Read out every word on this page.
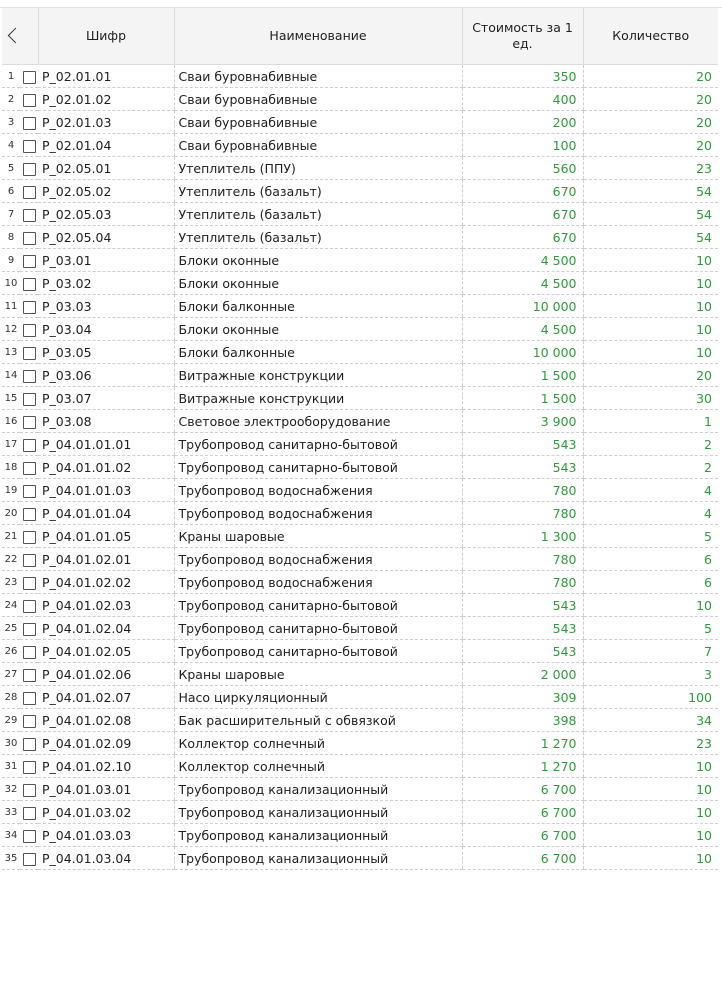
		Шифр	Наименование	Стоимость за 1 ед.	Количество
1		P_02.01.01	Сваи буровнабивные	350	20
2		P_02.01.02	Сваи буровнабивные	400	20
3		P_02.01.03	Сваи буровнабивные	200	20
4		P_02.01.04	Сваи буровнабивные	100	20
5		P_02.05.01	Утеплитель (ППУ)	560	23
6		P_02.05.02	Утеплитель (базальт)	670	54
7		P_02.05.03	Утеплитель (базальт)	670	54
8		P_02.05.04	Утеплитель (базальт)	670	54
9		P_03.01	Блоки оконные	4 500	10
10		P_03.02	Блоки оконные	4 500	10
11		P_03.03	Блоки балконные	10 000	10
12		P_03.04	Блоки оконные	4 500	10
13		P_03.05	Блоки балконные	10 000	10
14		P_03.06	Витражные конструкции	1 500	20
15		P_03.07	Витражные конструкции	1 500	30
16		P_03.08	Световое электрооборудование	3 900	1
17		P_04.01.01.01	Трубопровод санитарно-бытовой	543	2
18		P_04.01.01.02	Трубопровод санитарно-бытовой	543	2
19		P_04.01.01.03	Трубопровод водоснабжения	780	4
20		P_04.01.01.04	Трубопровод водоснабжения	780	4
21		P_04.01.01.05	Краны шаровые	1 300	5
22		P_04.01.02.01	Трубопровод водоснабжения	780	6
23		P_04.01.02.02	Трубопровод водоснабжения	780	6
24		P_04.01.02.03	Трубопровод санитарно-бытовой	543	10
25		P_04.01.02.04	Трубопровод санитарно-бытовой	543	5
26		P_04.01.02.05	Трубопровод санитарно-бытовой	543	7
27		P_04.01.02.06	Краны шаровые	2 000	3
28		P_04.01.02.07	Насо циркуляционный	309	100
29		P_04.01.02.08	Бак расширительный с обвязкой	398	34
30		P_04.01.02.09	Коллектор солнечный	1 270	23
31		P_04.01.02.10	Коллектор солнечный	1 270	10
32		P_04.01.03.01	Трубопровод канализационный	6 700	10
33		P_04.01.03.02	Трубопровод канализационный	6 700	10
34		P_04.01.03.03	Трубопровод канализационный	6 700	10
35		P_04.01.03.04	Трубопровод канализационный	6 700	10
